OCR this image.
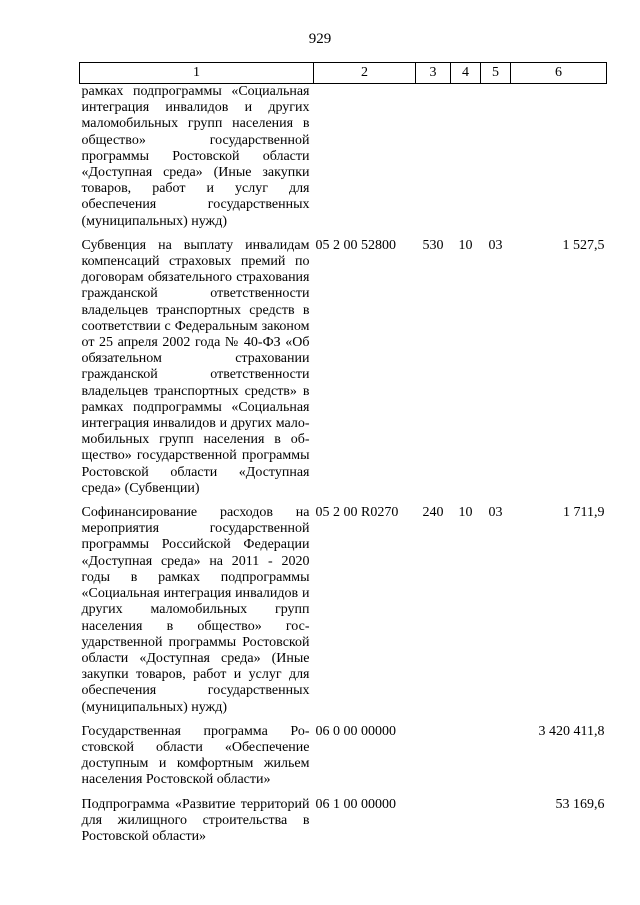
929
1	2	3	4	5	6
рамках подпрограммы «Социальная интеграция инвалидов и других маломобильных групп населения в общество» государственной программы Ростовской области «Доступная среда» (Иные закупки товаров, работ и услуг для обеспечения государственных (муниципальных) нужд)					

Субвенция на выплату инвалидам компенсаций страховых премий по договорам обязательного страхования гражданской ответственности владельцев транспортных средств в соответствии с Федеральным законом от 25 апреля 2002 года № 40-ФЗ «Об обязательном страховании гражданской ответственности владельцев транспортных средств» в рамках подпрограммы «Социальная интеграция инвалидов и других маломобильных групп населения в общество» государственной программы Ростовской области «Доступная среда» (Субвенции)	05 2 00 52800	530	10	03	1 527,5

Софинансирование расходов на мероприятия государственной программы Российской Федерации «Доступная среда» на 2011 - 2020 годы в рамках подпрограммы «Социальная интеграция инвалидов и других маломобильных групп населения в общество» государственной программы Ростовской области «Доступная среда» (Иные закупки товаров, работ и услуг для обеспечения государственных (муниципальных) нужд)	05 2 00 R0270	240	10	03	1 711,9

Государственная программа Ростовской области «Обеспечение доступным и комфортным жильем населения Ростовской области»	06 0 00 00000				3 420 411,8

Подпрограмма «Развитие территорий для жилищного строительства в Ростовской области»	06 1 00 00000				53 169,6
